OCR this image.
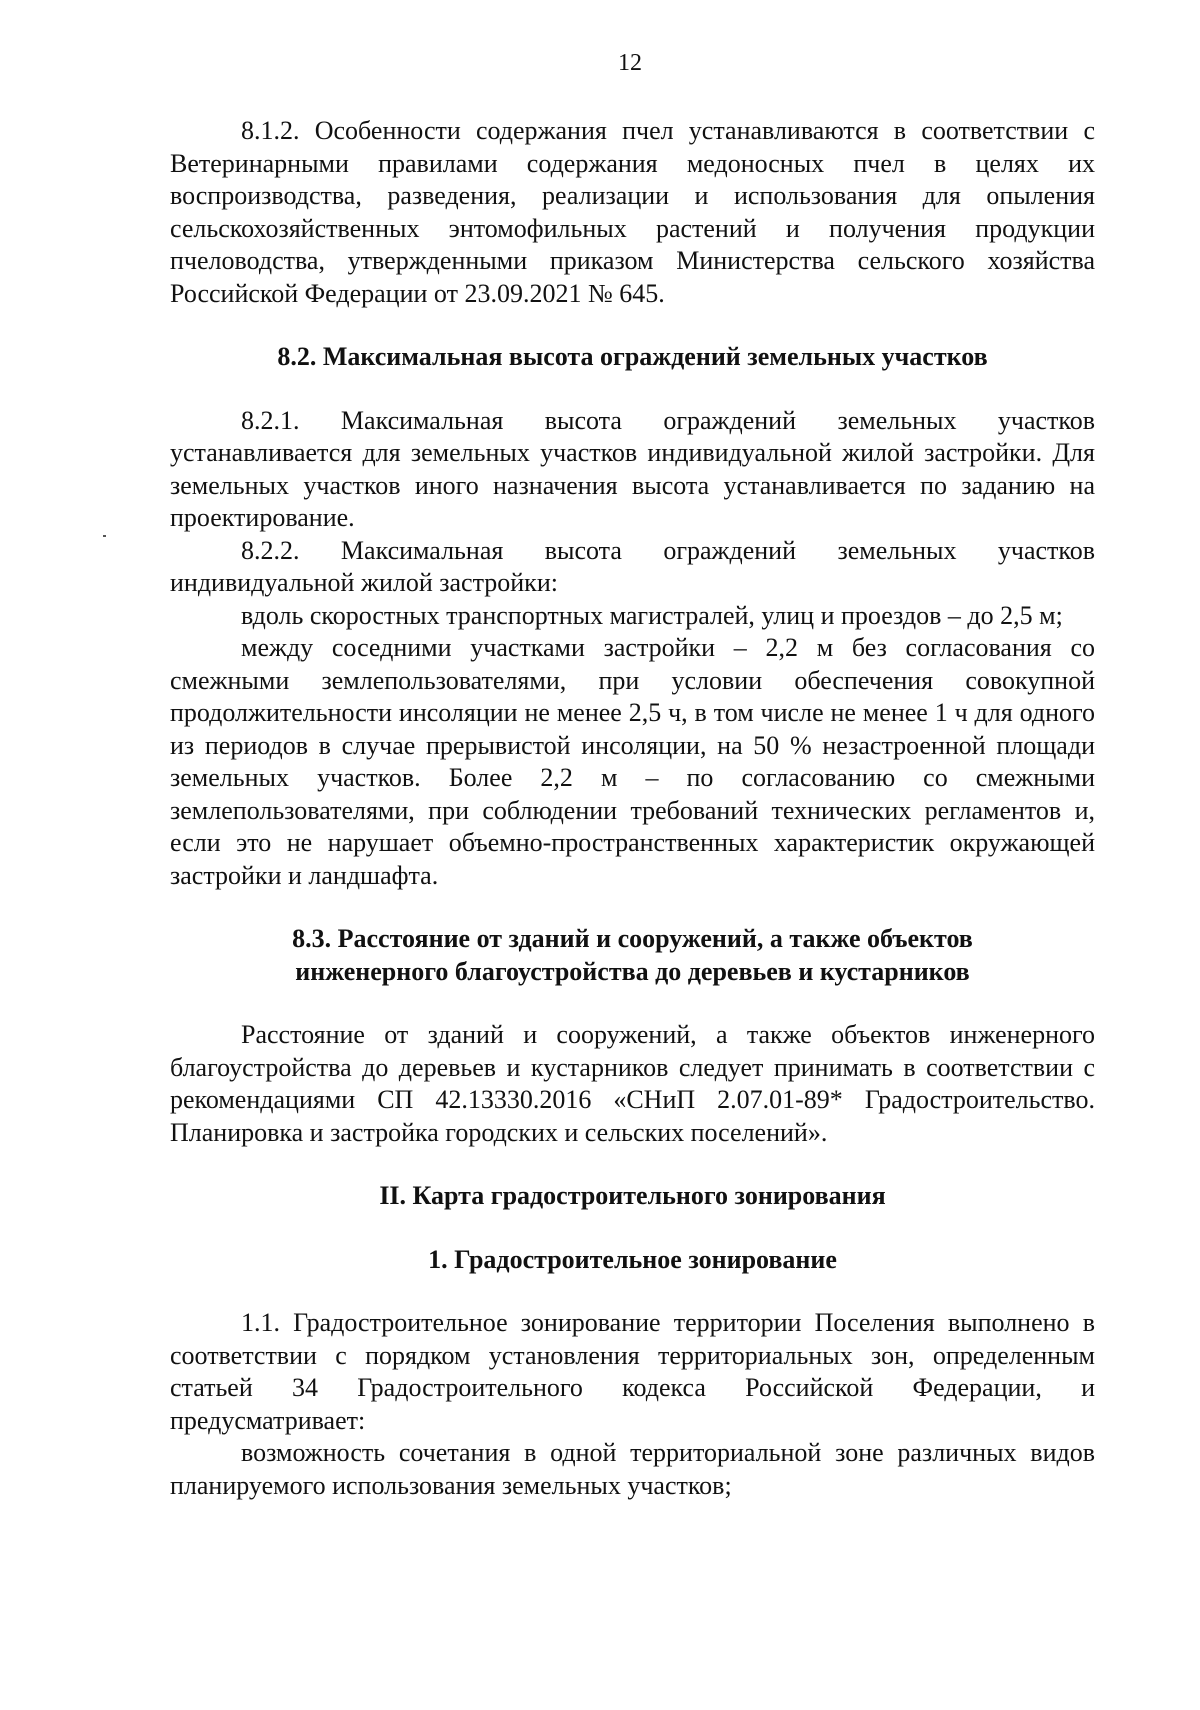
12

8.1.2. Особенности содержания пчел устанавливаются в соответствии с Ветеринарными правилами содержания медоносных пчел в целях их воспроизводства, разведения, реализации и использования для опыления сельскохозяйственных энтомофильных растений и получения продукции пчеловодства, утвержденными приказом Министерства сельского хозяйства Российской Федерации от 23.09.2021 № 645.

8.2. Максимальная высота ограждений земельных участков

8.2.1. Максимальная высота ограждений земельных участков устанавливается для земельных участков индивидуальной жилой застройки. Для земельных участков иного назначения высота устанавливается по заданию на проектирование.

8.2.2. Максимальная высота ограждений земельных участков индивидуальной жилой застройки:

вдоль скоростных транспортных магистралей, улиц и проездов – до 2,5 м;

между соседними участками застройки – 2,2 м без согласования со смежными землепользователями, при условии обеспечения совокупной продолжительности инсоляции не менее 2,5 ч, в том числе не менее 1 ч для одного из периодов в случае прерывистой инсоляции, на 50 % незастроенной площади земельных участков. Более 2,2 м – по согласованию со смежными землепользователями, при соблюдении требований технических регламентов и, если это не нарушает объемно-пространственных характеристик окружающей застройки и ландшафта.

8.3. Расстояние от зданий и сооружений, а также объектов
инженерного благоустройства до деревьев и кустарников

Расстояние от зданий и сооружений, а также объектов инженерного благоустройства до деревьев и кустарников следует принимать в соответствии с рекомендациями СП 42.13330.2016 «СНиП 2.07.01-89* Градостроительство. Планировка и застройка городских и сельских поселений».

II. Карта градостроительного зонирования
1. Градостроительное зонирование

1.1. Градостроительное зонирование территории Поселения выполнено в соответствии с порядком установления территориальных зон, определенным статьей 34 Градостроительного кодекса Российской Федерации, и предусматривает:

возможность сочетания в одной территориальной зоне различных видов планируемого использования земельных участков;
